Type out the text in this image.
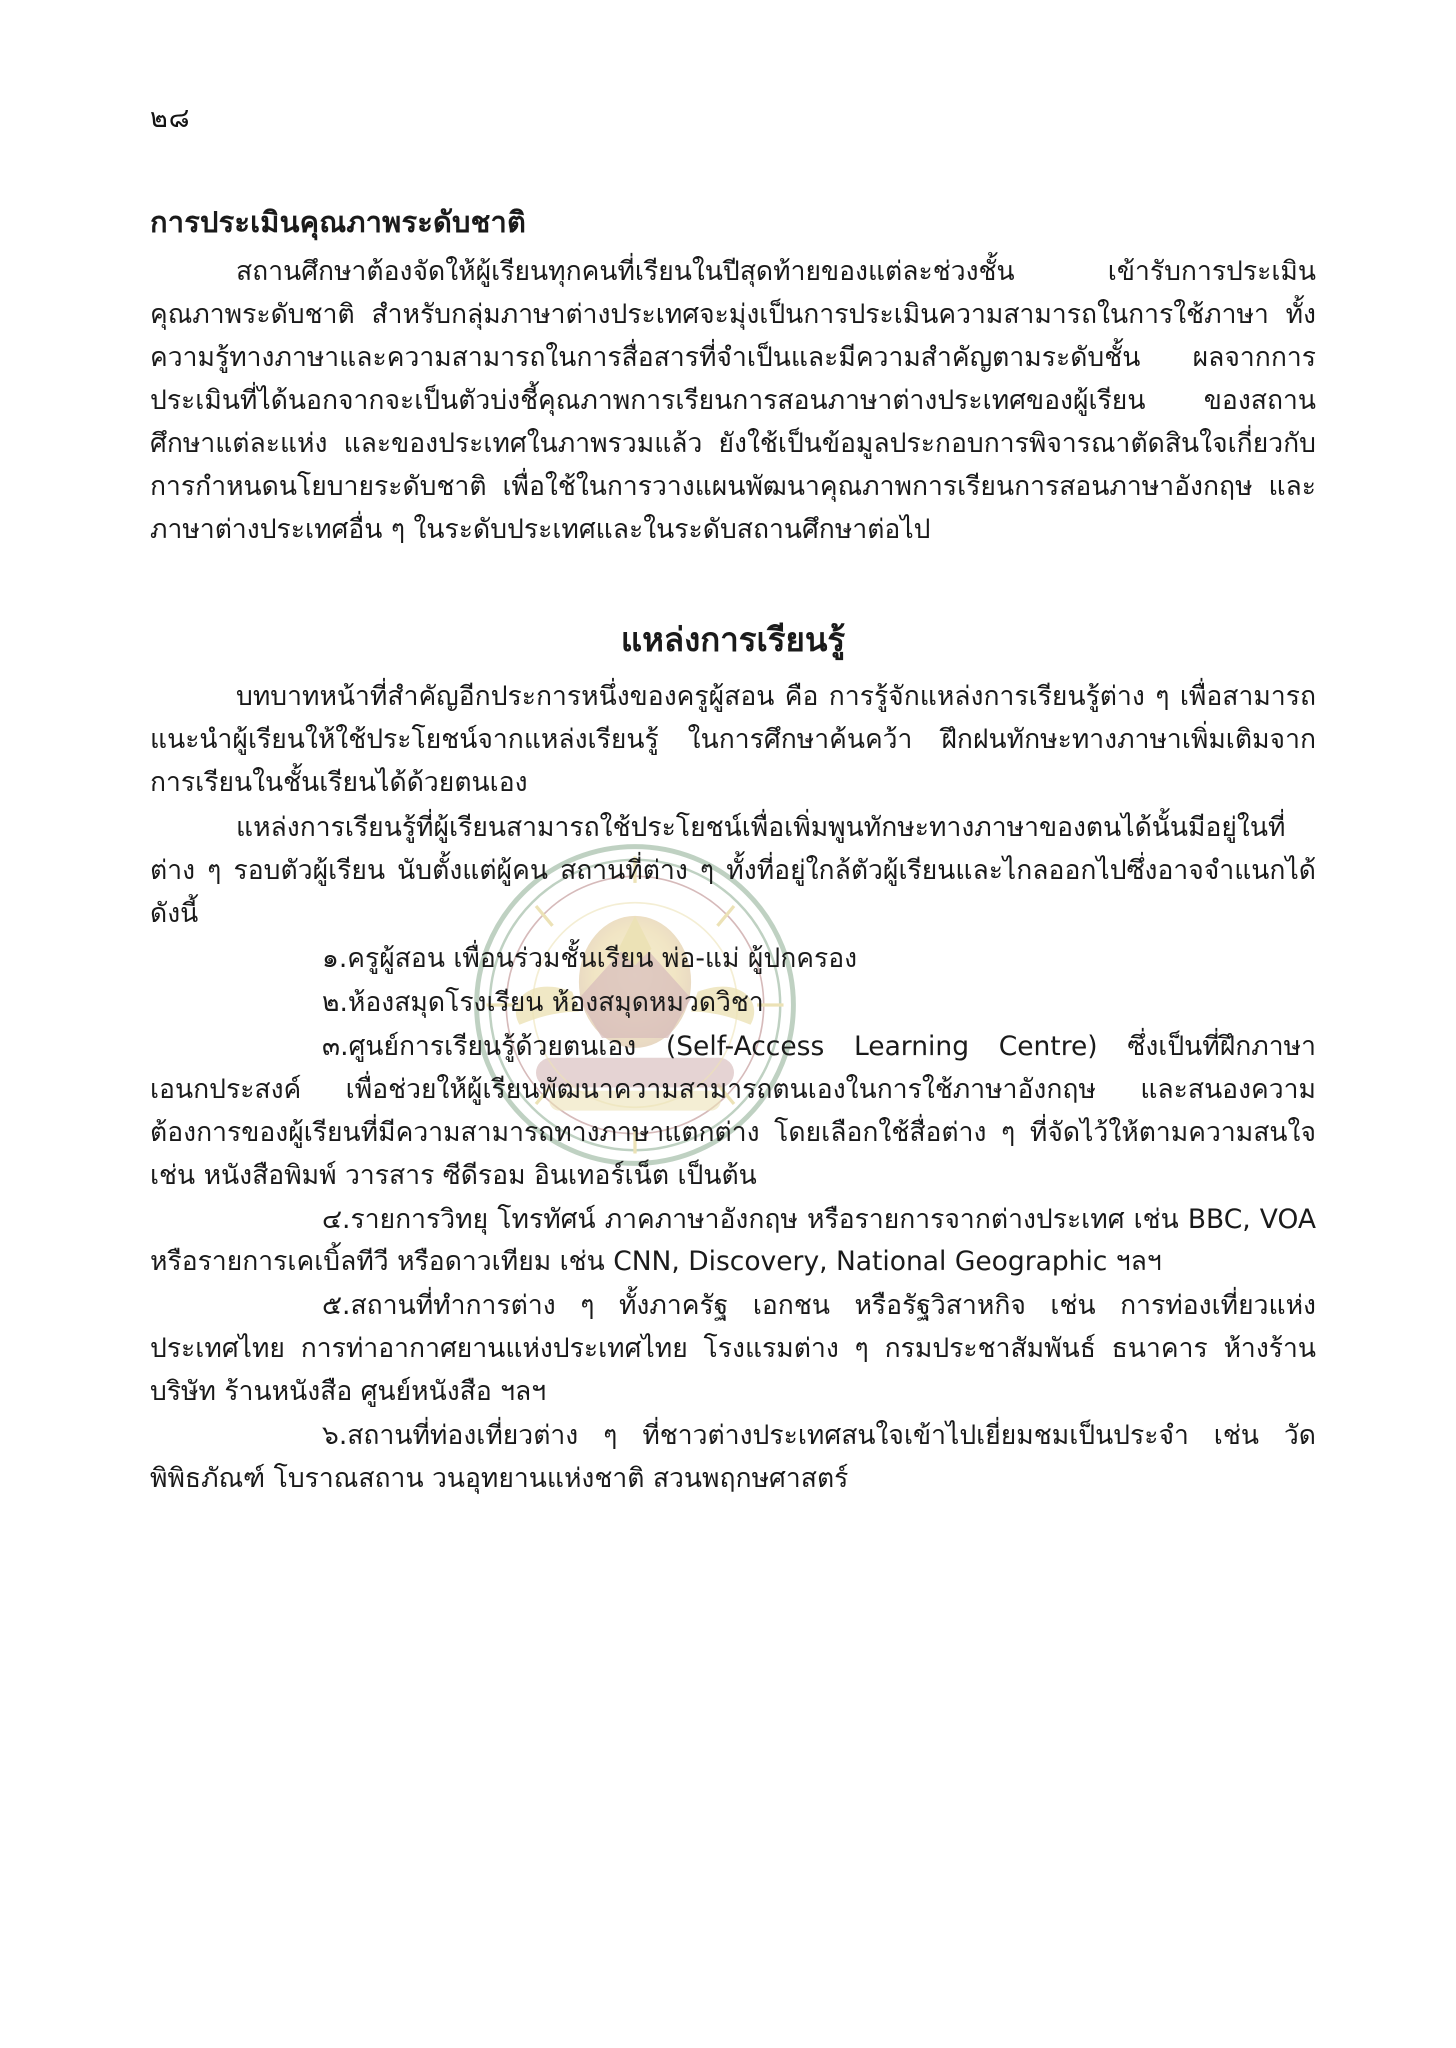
๒๘
การประเมินคุณภาพระดับชาติ

สถานศึกษาต้องจัดให้ผู้เรียนทุกคนที่เรียนในปีสุดท้ายของแต่ละช่วงชั้น เข้ารับการประเมินคุณภาพระดับชาติ สำหรับกลุ่มภาษาต่างประเทศจะมุ่งเป็นการประเมินความสามารถในการใช้ภาษา ทั้งความรู้ทางภาษาและความสามารถในการสื่อสารที่จำเป็นและมีความสำคัญตามระดับชั้น ผลจากการประเมินที่ได้นอกจากจะเป็นตัวบ่งชี้คุณภาพการเรียนการสอนภาษาต่างประเทศของผู้เรียน ของสถานศึกษาแต่ละแห่ง และของประเทศในภาพรวมแล้ว ยังใช้เป็นข้อมูลประกอบการพิจารณาตัดสินใจเกี่ยวกับการกำหนดนโยบายระดับชาติ เพื่อใช้ในการวางแผนพัฒนาคุณภาพการเรียนการสอนภาษาอังกฤษ และภาษาต่างประเทศอื่น ๆ ในระดับประเทศและในระดับสถานศึกษาต่อไป

แหล่งการเรียนรู้

บทบาทหน้าที่สำคัญอีกประการหนึ่งของครูผู้สอน คือ การรู้จักแหล่งการเรียนรู้ต่าง ๆ เพื่อสามารถแนะนำผู้เรียนให้ใช้ประโยชน์จากแหล่งเรียนรู้ ในการศึกษาค้นคว้า ฝึกฝนทักษะทางภาษาเพิ่มเติมจากการเรียนในชั้นเรียนได้ด้วยตนเอง

แหล่งการเรียนรู้ที่ผู้เรียนสามารถใช้ประโยชน์เพื่อเพิ่มพูนทักษะทางภาษาของตนได้นั้นมีอยู่ในที่ต่าง ๆ รอบตัวผู้เรียน นับตั้งแต่ผู้คน สถานที่ต่าง ๆ ทั้งที่อยู่ใกล้ตัวผู้เรียนและไกลออกไปซึ่งอาจจำแนกได้ดังนี้

๑.ครูผู้สอน เพื่อนร่วมชั้นเรียน พ่อ-แม่ ผู้ปกครอง
๒.ห้องสมุดโรงเรียน ห้องสมุดหมวดวิชา
๓.ศูนย์การเรียนรู้ด้วยตนเอง (Self-Access Learning Centre) ซึ่งเป็นที่ฝึกภาษาเอนกประสงค์ เพื่อช่วยให้ผู้เรียนพัฒนาความสามารถตนเองในการใช้ภาษาอังกฤษ และสนองความต้องการของผู้เรียนที่มีความสามารถทางภาษาแตกต่าง โดยเลือกใช้สื่อต่าง ๆ ที่จัดไว้ให้ตามความสนใจ เช่น หนังสือพิมพ์ วารสาร ซีดีรอม อินเทอร์เน็ต เป็นต้น
๔.รายการวิทยุ โทรทัศน์ ภาคภาษาอังกฤษ หรือรายการจากต่างประเทศ เช่น BBC, VOA หรือรายการเคเบิ้ลทีวี หรือดาวเทียม เช่น CNN, Discovery, National Geographic ฯลฯ
๕.สถานที่ทำการต่าง ๆ ทั้งภาครัฐ เอกชน หรือรัฐวิสาหกิจ เช่น การท่องเที่ยวแห่งประเทศไทย การท่าอากาศยานแห่งประเทศไทย โรงแรมต่าง ๆ กรมประชาสัมพันธ์ ธนาคาร ห้างร้าน บริษัท ร้านหนังสือ ศูนย์หนังสือ ฯลฯ
๖.สถานที่ท่องเที่ยวต่าง ๆ ที่ชาวต่างประเทศสนใจเข้าไปเยี่ยมชมเป็นประจำ เช่น วัด พิพิธภัณฑ์ โบราณสถาน วนอุทยานแห่งชาติ สวนพฤกษศาสตร์
